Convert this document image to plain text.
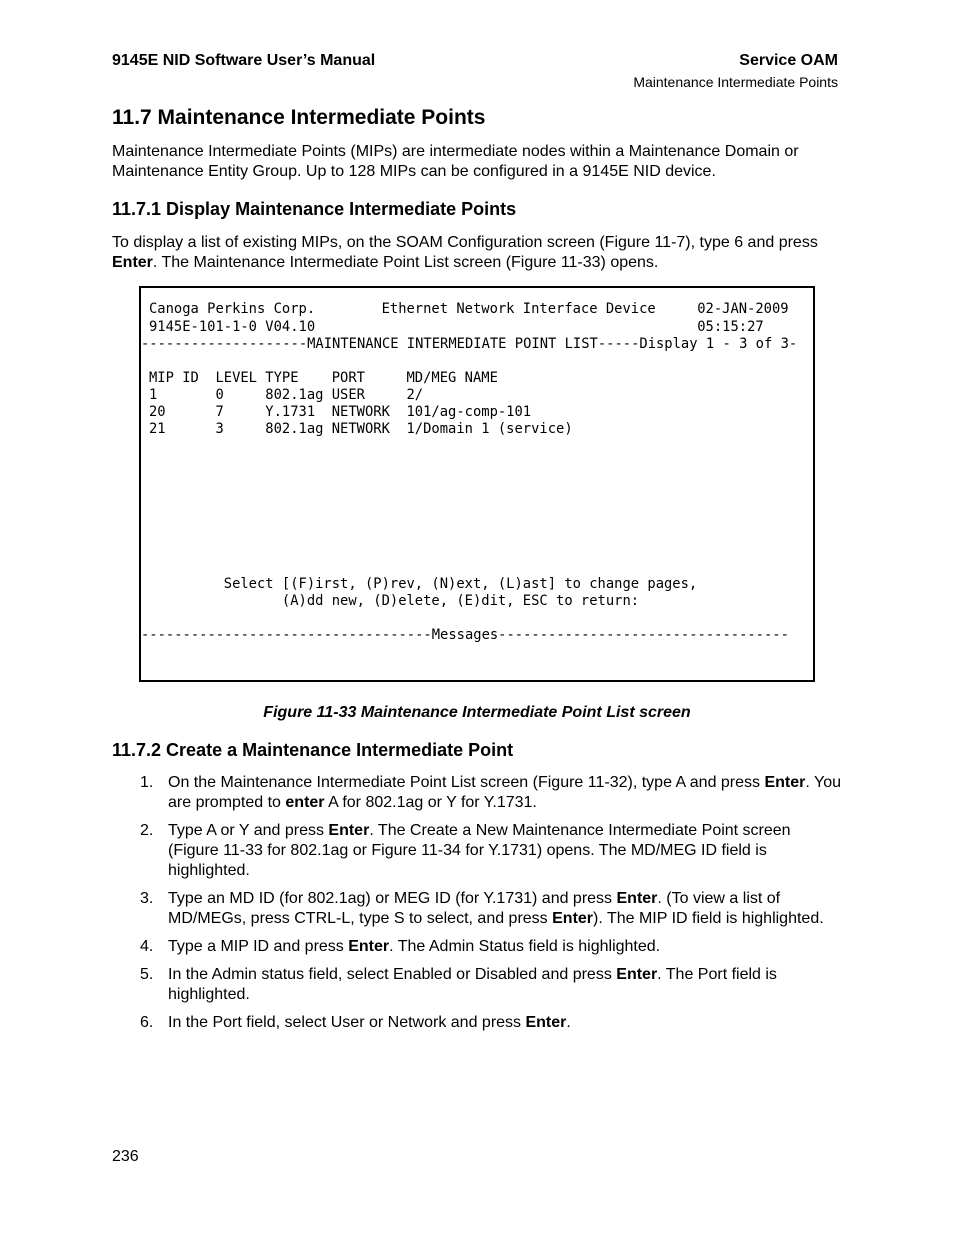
9145E NID Software User’s Manual	Service OAM
Maintenance Intermediate Points
11.7 Maintenance Intermediate Points

Maintenance Intermediate Points (MIPs) are intermediate nodes within a Maintenance Domain or Maintenance Entity Group. Up to 128 MIPs can be configured in a 9145E NID device.

11.7.1 Display Maintenance Intermediate Points

To display a list of existing MIPs, on the SOAM Configuration screen (Figure 11-7), type 6 and press Enter. The Maintenance Intermediate Point List screen (Figure 11-33) opens.

Canoga Perkins Corp.        Ethernet Network Interface Device     02-JAN-2009
9145E-101-1-0 V04.10                                              05:15:27
--------------------MAINTENANCE INTERMEDIATE POINT LIST-----Display 1 - 3 of 3-
MIP ID  LEVEL TYPE    PORT     MD/MEG NAME
1       0     802.1ag USER     2/
20      7     Y.1731  NETWORK  101/ag-comp-101
21      3     802.1ag NETWORK  1/Domain 1 (service)
Select [(F)irst, (P)rev, (N)ext, (L)ast] to change pages,
(A)dd new, (D)elete, (E)dit, ESC to return:
-----------------------------------Messages-----------------------------------
Figure 11-33 Maintenance Intermediate Point List screen
11.7.2 Create a Maintenance Intermediate Point
1. On the Maintenance Intermediate Point List screen (Figure 11-32), type A and press Enter. You are prompted to enter A for 802.1ag or Y for Y.1731.
2. Type A or Y and press Enter. The Create a New Maintenance Intermediate Point screen (Figure 11-33 for 802.1ag or Figure 11-34 for Y.1731) opens. The MD/MEG ID field is highlighted.
3. Type an MD ID (for 802.1ag) or MEG ID (for Y.1731) and press Enter. (To view a list of MD/MEGs, press CTRL-L, type S to select, and press Enter). The MIP ID field is highlighted.
4. Type a MIP ID and press Enter. The Admin Status field is highlighted.
5. In the Admin status field, select Enabled or Disabled and press Enter. The Port field is highlighted.
6. In the Port field, select User or Network and press Enter.
236
